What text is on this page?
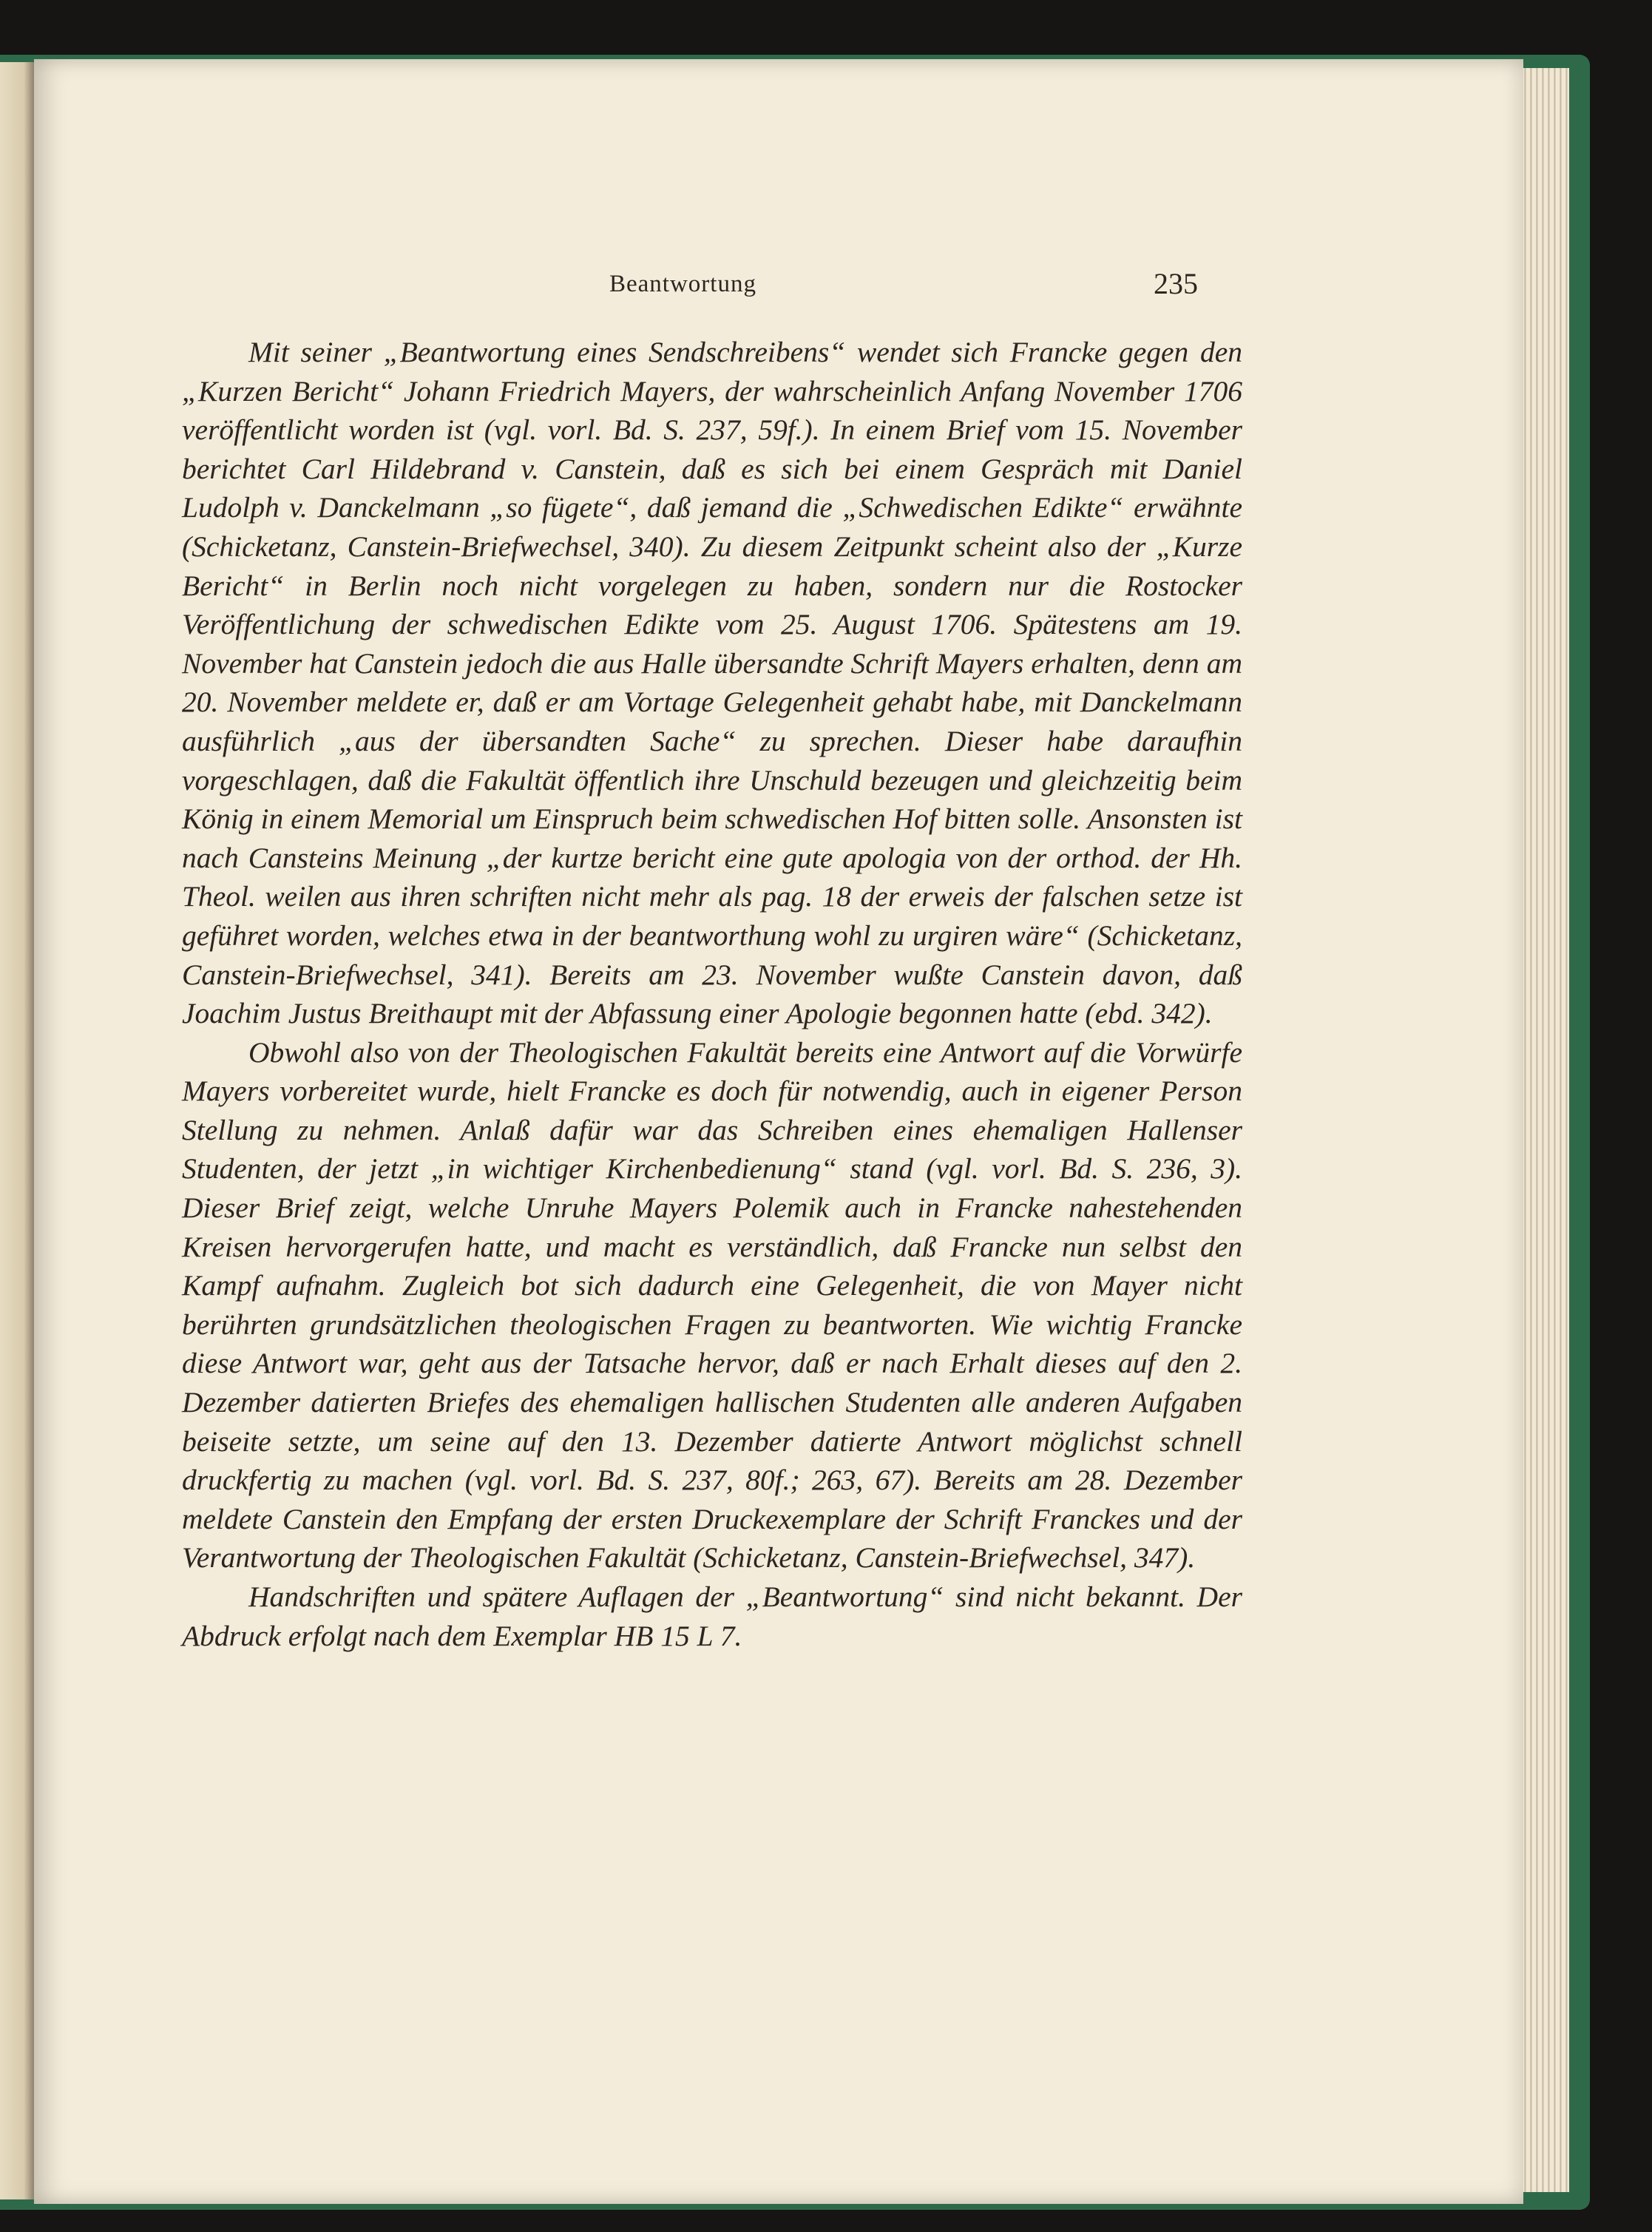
Beantwortung	235

Mit seiner „Beantwortung eines Sendschreibens“ wendet sich Francke gegen den „Kurzen Bericht“ Johann Friedrich Mayers, der wahrscheinlich Anfang November 1706 veröffentlicht worden ist (vgl. vorl. Bd. S. 237, 59f.). In einem Brief vom 15. November berichtet Carl Hildebrand v. Canstein, daß es sich bei einem Gespräch mit Daniel Ludolph v. Danckelmann „so fügete“, daß jemand die „Schwedischen Edikte“ erwähnte (Schicketanz, Canstein-Briefwechsel, 340). Zu diesem Zeitpunkt scheint also der „Kurze Bericht“ in Berlin noch nicht vorgelegen zu haben, sondern nur die Rostocker Veröffentlichung der schwedischen Edikte vom 25. August 1706. Spätestens am 19. November hat Canstein jedoch die aus Halle übersandte Schrift Mayers erhalten, denn am 20. November meldete er, daß er am Vortage Gelegenheit gehabt habe, mit Danckelmann ausführlich „aus der übersandten Sache“ zu sprechen. Dieser habe daraufhin vorgeschlagen, daß die Fakultät öffentlich ihre Unschuld bezeugen und gleichzeitig beim König in einem Memorial um Einspruch beim schwedischen Hof bitten solle. Ansonsten ist nach Cansteins Meinung „der kurtze bericht eine gute apologia von der orthod. der Hh. Theol. weilen aus ihren schriften nicht mehr als pag. 18 der erweis der falschen setze ist geführet worden, welches etwa in der beantworthung wohl zu urgiren wäre“ (Schicketanz, Canstein-Briefwechsel, 341). Bereits am 23. November wußte Canstein davon, daß Joachim Justus Breithaupt mit der Abfassung einer Apologie begonnen hatte (ebd. 342).

Obwohl also von der Theologischen Fakultät bereits eine Antwort auf die Vorwürfe Mayers vorbereitet wurde, hielt Francke es doch für notwendig, auch in eigener Person Stellung zu nehmen. Anlaß dafür war das Schreiben eines ehemaligen Hallenser Studenten, der jetzt „in wichtiger Kirchenbedienung“ stand (vgl. vorl. Bd. S. 236, 3). Dieser Brief zeigt, welche Unruhe Mayers Polemik auch in Francke nahestehenden Kreisen hervorgerufen hatte, und macht es verständlich, daß Francke nun selbst den Kampf aufnahm. Zugleich bot sich dadurch eine Gelegenheit, die von Mayer nicht berührten grundsätzlichen theologischen Fragen zu beantworten. Wie wichtig Francke diese Antwort war, geht aus der Tatsache hervor, daß er nach Erhalt dieses auf den 2. Dezember datierten Briefes des ehemaligen hallischen Studenten alle anderen Aufgaben beiseite setzte, um seine auf den 13. Dezember datierte Antwort möglichst schnell druckfertig zu machen (vgl. vorl. Bd. S. 237, 80f.; 263, 67). Bereits am 28. Dezember meldete Canstein den Empfang der ersten Druckexemplare der Schrift Franckes und der Verantwortung der Theologischen Fakultät (Schicketanz, Canstein-Briefwechsel, 347).

Handschriften und spätere Auflagen der „Beantwortung“ sind nicht bekannt. Der Abdruck erfolgt nach dem Exemplar HB 15 L 7.
